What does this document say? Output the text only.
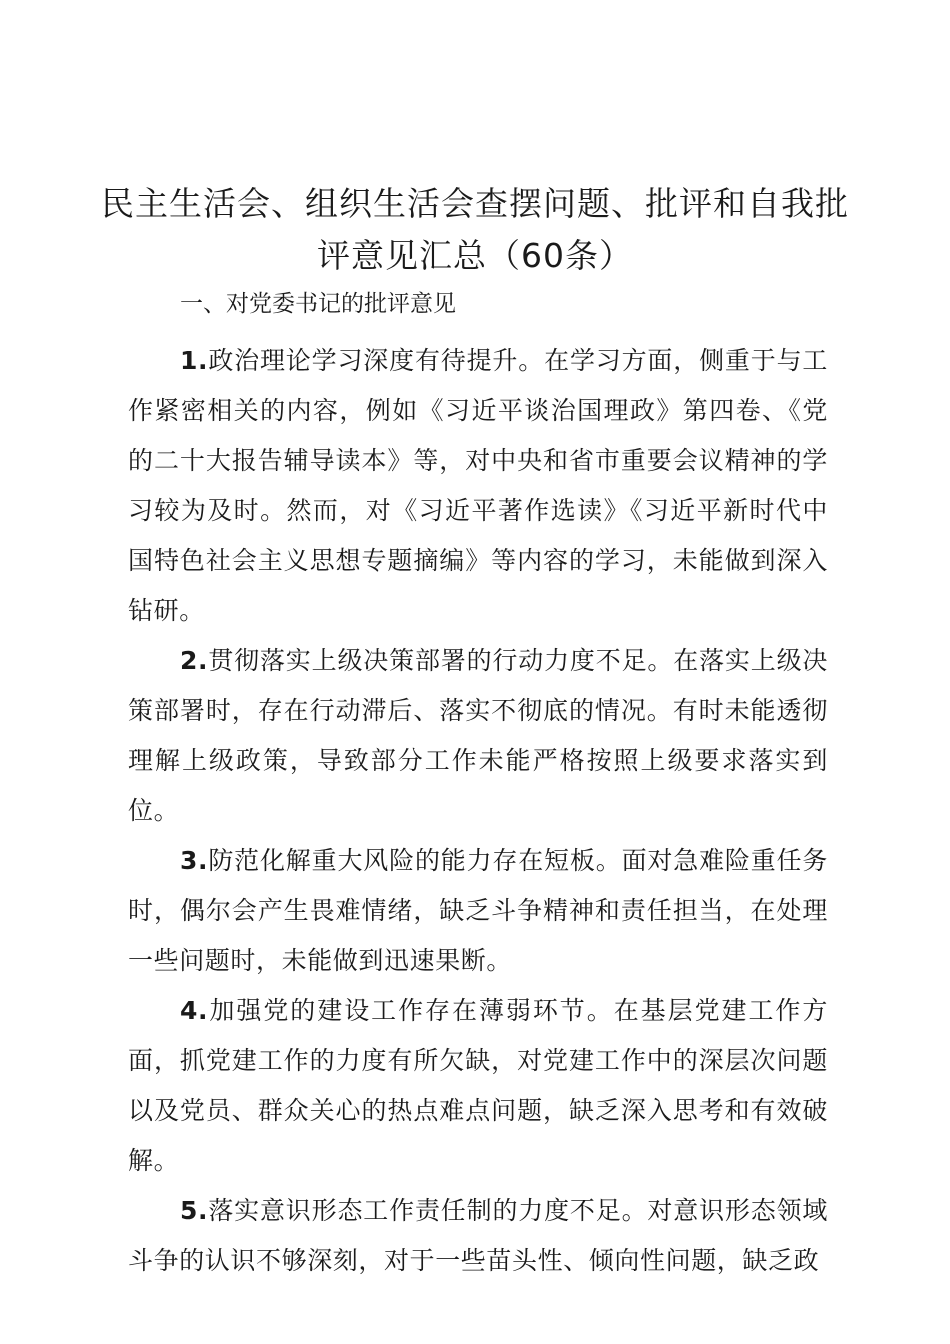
民主生活会、组织生活会查摆问题、批评和自我批评意见汇总（60条）

一、对党委书记的批评意见

1.政治理论学习深度有待提升。在学习方面，侧重于与工作紧密相关的内容，例如《习近平谈治国理政》第四卷、《党的二十大报告辅导读本》等，对中央和省市重要会议精神的学习较为及时。然而，对《习近平著作选读》《习近平新时代中国特色社会主义思想专题摘编》等内容的学习，未能做到深入钻研。

2.贯彻落实上级决策部署的行动力度不足。在落实上级决策部署时，存在行动滞后、落实不彻底的情况。有时未能透彻理解上级政策，导致部分工作未能严格按照上级要求落实到位。

3.防范化解重大风险的能力存在短板。面对急难险重任务时，偶尔会产生畏难情绪，缺乏斗争精神和责任担当，在处理一些问题时，未能做到迅速果断。

4.加强党的建设工作存在薄弱环节。在基层党建工作方面，抓党建工作的力度有所欠缺，对党建工作中的深层次问题以及党员、群众关心的热点难点问题，缺乏深入思考和有效破解。

5.落实意识形态工作责任制的力度不足。对意识形态领域斗争的认识不够深刻，对于一些苗头性、倾向性问题，缺乏政
